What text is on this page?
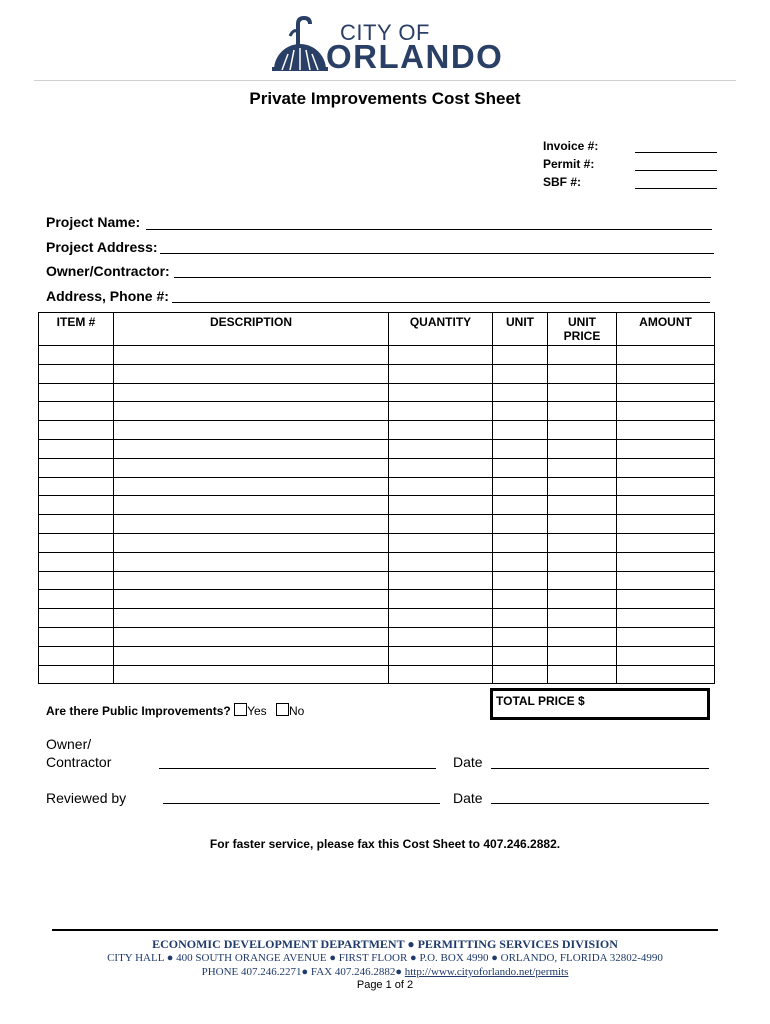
CITY OF
ORLANDO
Private Improvements Cost Sheet
Invoice #:
Permit #:
SBF #:
Project Name:
Project Address:
Owner/Contractor:
Address, Phone #:
ITEM #	DESCRIPTION	QUANTITY	UNIT	UNIT PRICE	AMOUNT

Are there Public Improvements? Yes No
TOTAL PRICE $
Owner/
Contractor	Date
Reviewed by	Date
For faster service, please fax this Cost Sheet to 407.246.2882.
ECONOMIC DEVELOPMENT DEPARTMENT ● PERMITTING SERVICES DIVISION
CITY HALL ● 400 SOUTH ORANGE AVENUE ● FIRST FLOOR ● P.O. BOX 4990 ● ORLANDO, FLORIDA 32802-4990
PHONE 407.246.2271● FAX 407.246.2882● http://www.cityoforlando.net/permits
Page 1 of 2
